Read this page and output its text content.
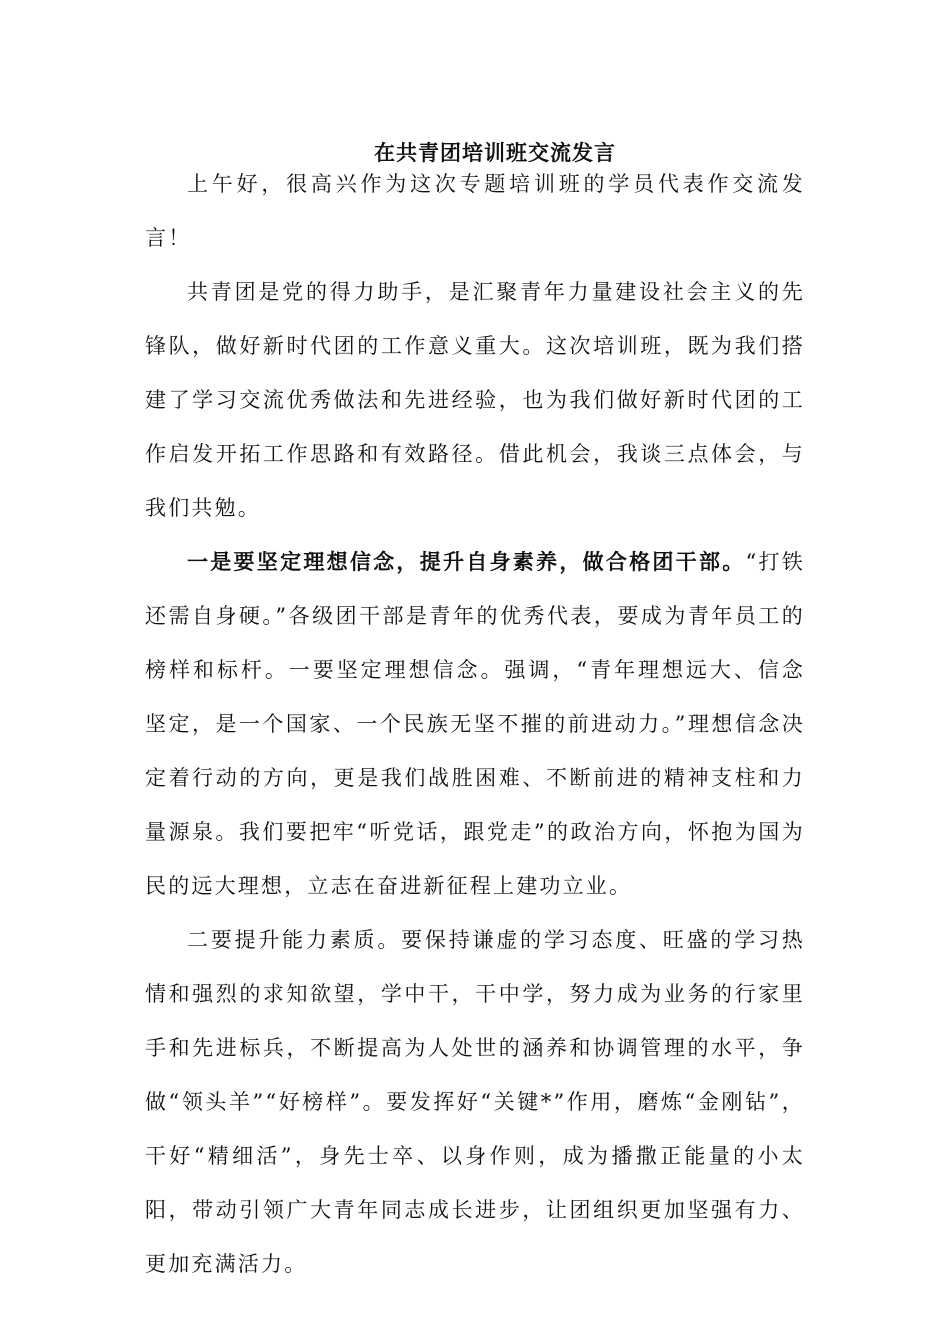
在共青团培训班交流发言

上午好，很高兴作为这次专题培训班的学员代表作交流发言！

共青团是党的得力助手，是汇聚青年力量建设社会主义的先锋队，做好新时代团的工作意义重大。这次培训班，既为我们搭建了学习交流优秀做法和先进经验，也为我们做好新时代团的工作启发开拓工作思路和有效路径。借此机会，我谈三点体会，与我们共勉。

一是要坚定理想信念，提升自身素养，做合格团干部。“打铁还需自身硬。”各级团干部是青年的优秀代表，要成为青年员工的榜样和标杆。一要坚定理想信念。强调，“青年理想远大、信念坚定，是一个国家、一个民族无坚不摧的前进动力。”理想信念决定着行动的方向，更是我们战胜困难、不断前进的精神支柱和力量源泉。我们要把牢“听党话，跟党走”的政治方向，怀抱为国为民的远大理想，立志在奋进新征程上建功立业。

二要提升能力素质。要保持谦虚的学习态度、旺盛的学习热情和强烈的求知欲望，学中干，干中学，努力成为业务的行家里手和先进标兵，不断提高为人处世的涵养和协调管理的水平，争做“领头羊”“好榜样”。要发挥好“关键*”作用，磨炼“金刚钻”，干好“精细活”，身先士卒、以身作则，成为播撒正能量的小太阳，带动引领广大青年同志成长进步，让团组织更加坚强有力、更加充满活力。
